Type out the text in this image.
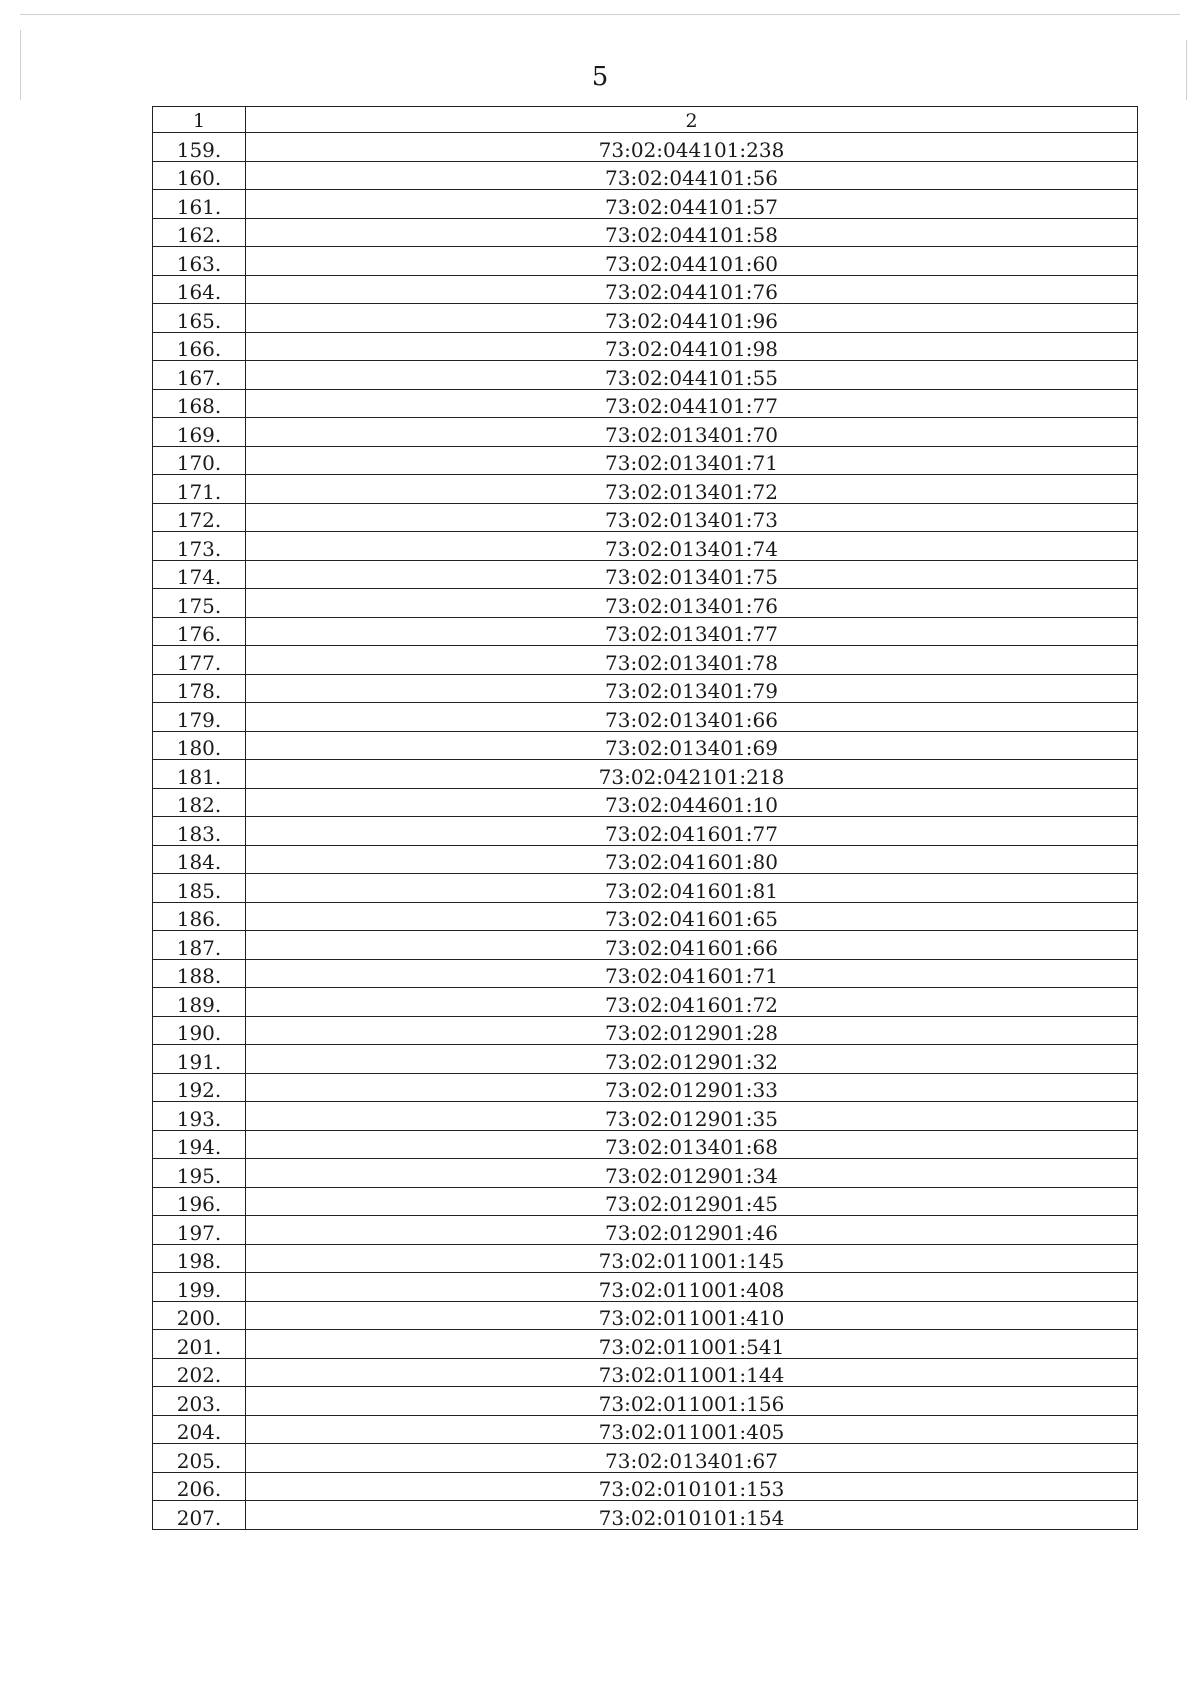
5
1	2
159.	73:02:044101:238
160.	73:02:044101:56
161.	73:02:044101:57
162.	73:02:044101:58
163.	73:02:044101:60
164.	73:02:044101:76
165.	73:02:044101:96
166.	73:02:044101:98
167.	73:02:044101:55
168.	73:02:044101:77
169.	73:02:013401:70
170.	73:02:013401:71
171.	73:02:013401:72
172.	73:02:013401:73
173.	73:02:013401:74
174.	73:02:013401:75
175.	73:02:013401:76
176.	73:02:013401:77
177.	73:02:013401:78
178.	73:02:013401:79
179.	73:02:013401:66
180.	73:02:013401:69
181.	73:02:042101:218
182.	73:02:044601:10
183.	73:02:041601:77
184.	73:02:041601:80
185.	73:02:041601:81
186.	73:02:041601:65
187.	73:02:041601:66
188.	73:02:041601:71
189.	73:02:041601:72
190.	73:02:012901:28
191.	73:02:012901:32
192.	73:02:012901:33
193.	73:02:012901:35
194.	73:02:013401:68
195.	73:02:012901:34
196.	73:02:012901:45
197.	73:02:012901:46
198.	73:02:011001:145
199.	73:02:011001:408
200.	73:02:011001:410
201.	73:02:011001:541
202.	73:02:011001:144
203.	73:02:011001:156
204.	73:02:011001:405
205.	73:02:013401:67
206.	73:02:010101:153
207.	73:02:010101:154
